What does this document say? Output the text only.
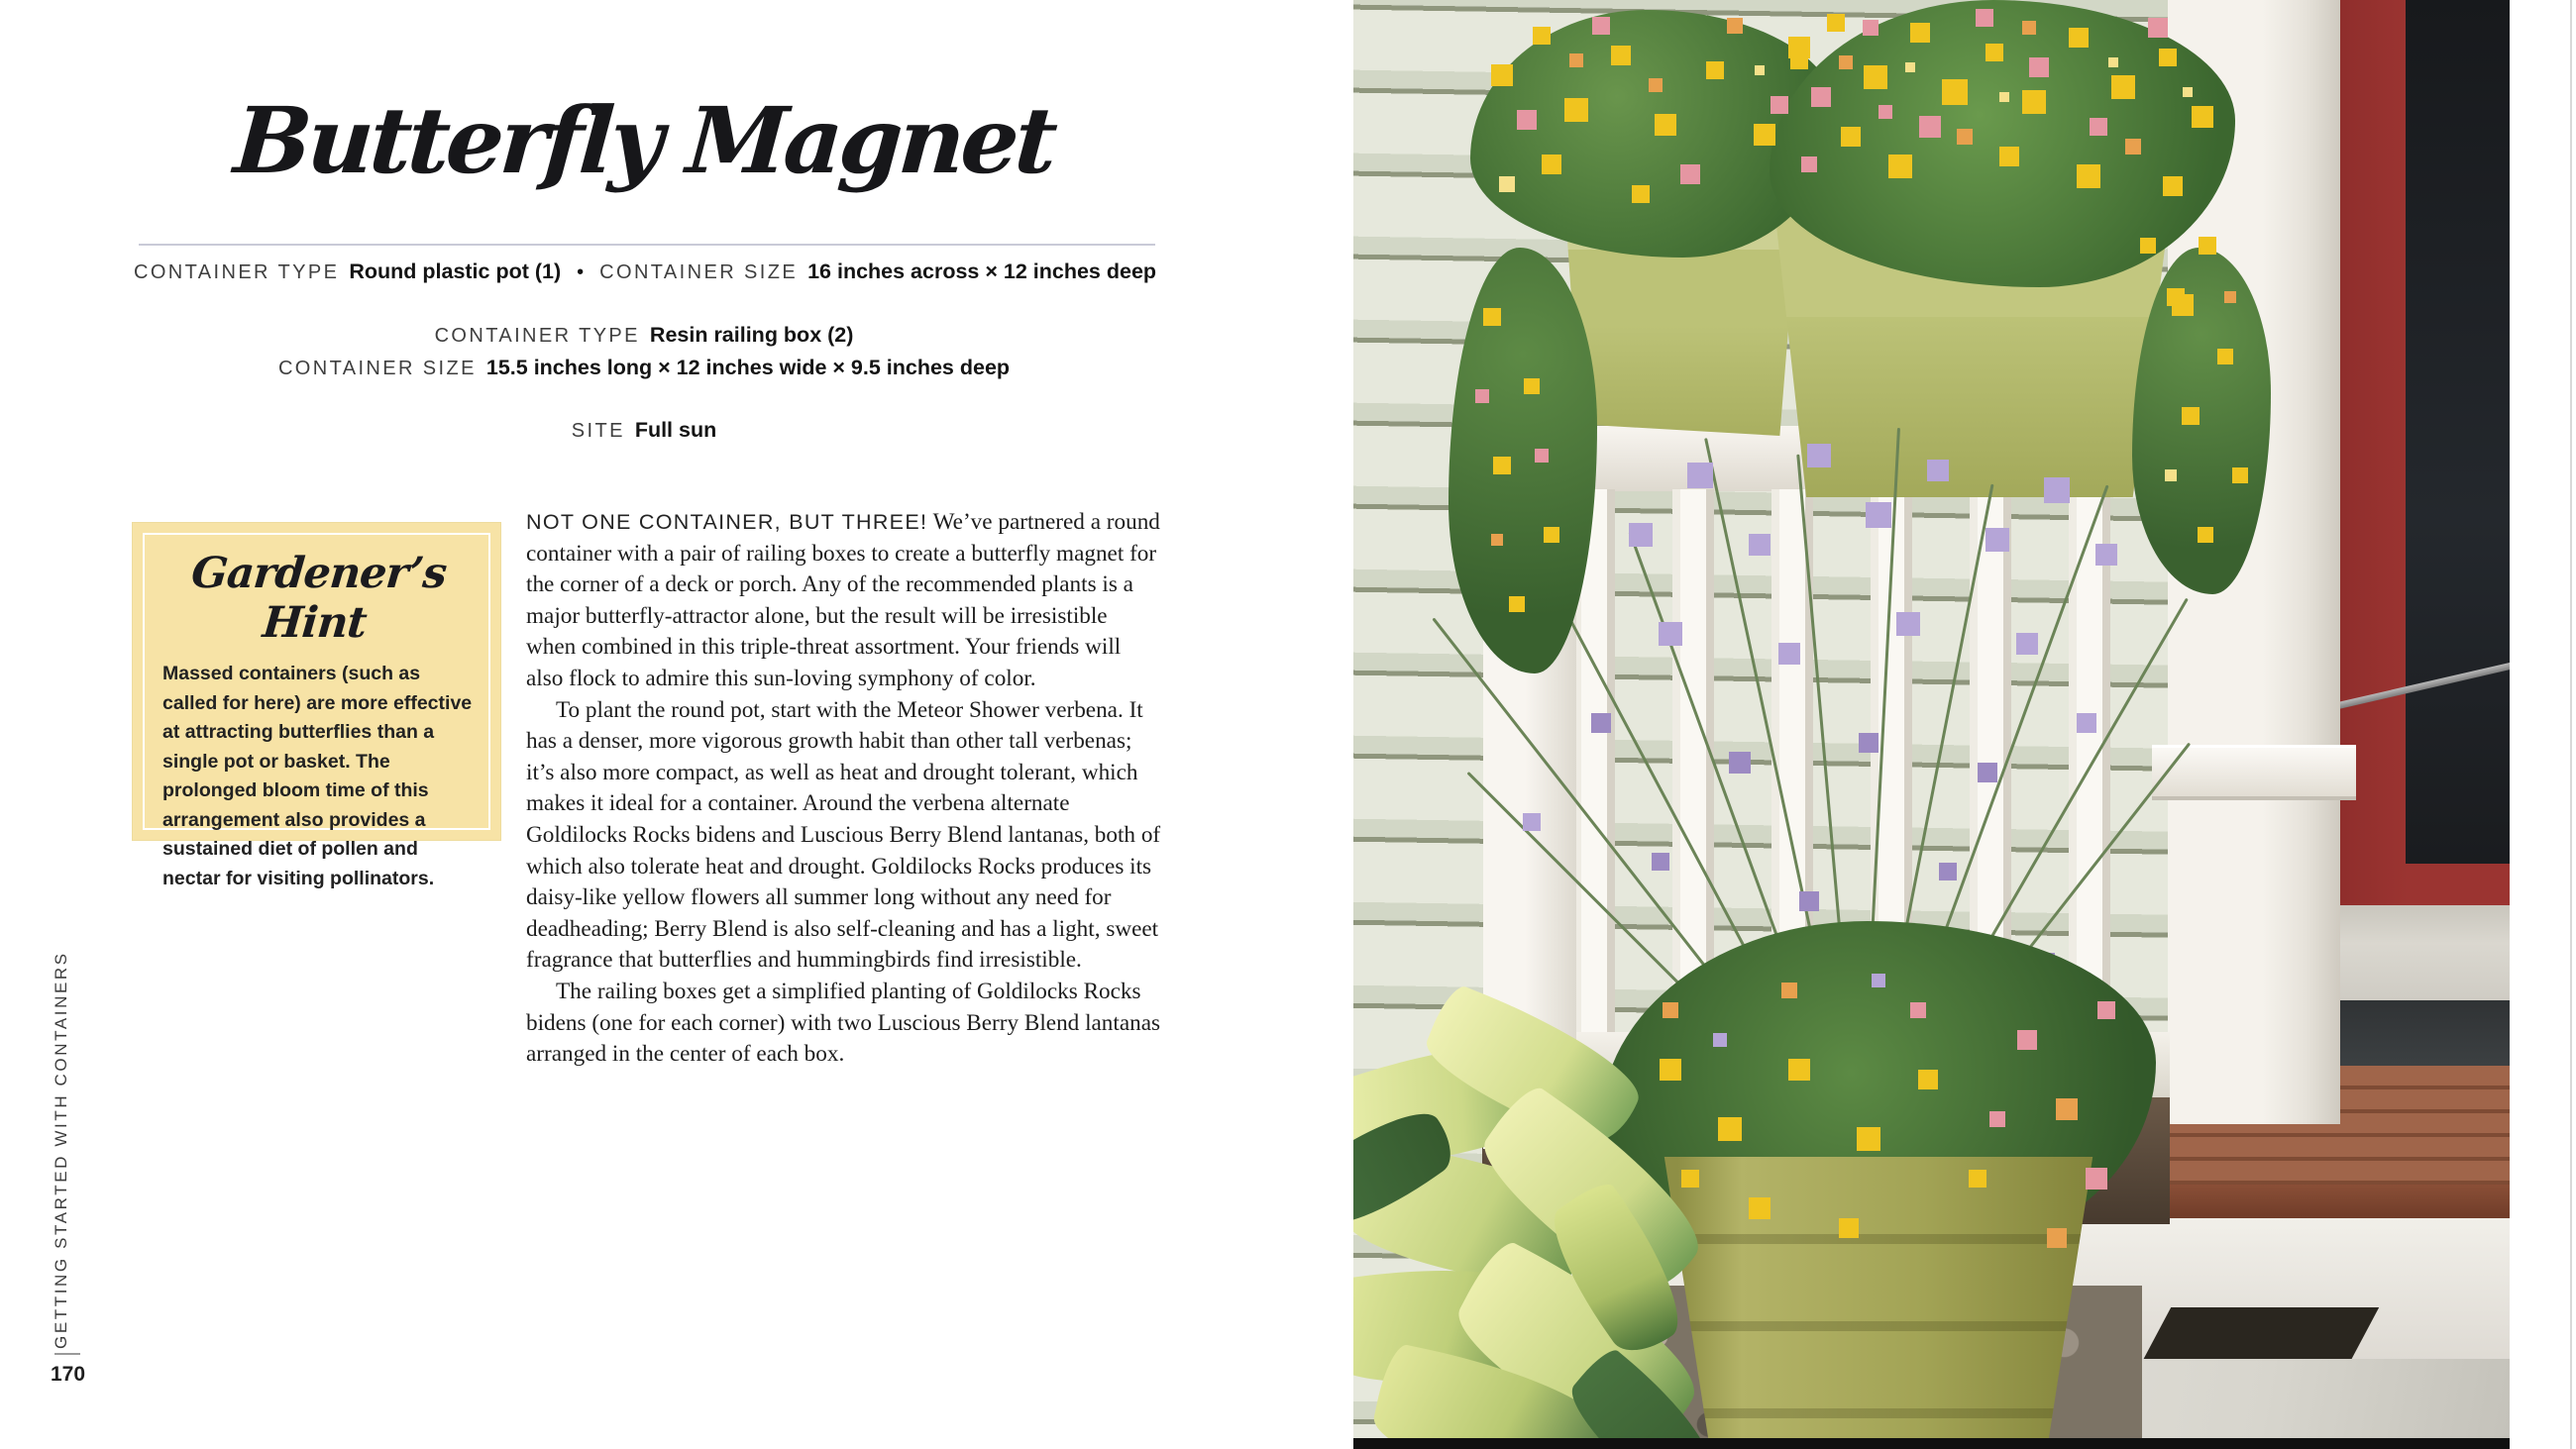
Butterfly Magnet
CONTAINER TYPE Round plastic pot (1) • CONTAINER SIZE 16 inches across × 12 inches deep
CONTAINER TYPE Resin railing box (2)
CONTAINER SIZE 15.5 inches long × 12 inches wide × 9.5 inches deep
SITE Full sun
Gardener’s Hint

Massed containers (such as called for here) are more effective at attracting butterflies than a single pot or basket. The prolonged bloom time of this arrangement also provides a sustained diet of pollen and nectar for visiting pollinators.

NOT ONE CONTAINER, BUT THREE! We’ve partnered a round container with a pair of railing boxes to create a butterfly magnet for the corner of a deck or porch. Any of the recommended plants is a major butterfly-attractor alone, but the result will be irresistible when combined in this triple-threat assortment. Your friends will also flock to admire this sun-loving symphony of color.

To plant the round pot, start with the Meteor Shower verbena. It has a denser, more vigorous growth habit than other tall verbenas; it’s also more compact, as well as heat and drought tolerant, which makes it ideal for a container. Around the verbena alternate Goldilocks Rocks bidens and Luscious Berry Blend lantanas, both of which also tolerate heat and drought. Goldilocks Rocks produces its daisy-like yellow flowers all summer long without any need for deadheading; Berry Blend is also self-cleaning and has a light, sweet fragrance that butterflies and hummingbirds find irresistible.

The railing boxes get a simplified planting of Goldilocks Rocks bidens (one for each corner) with two Luscious Berry Blend lantanas arranged in the center of each box.

GETTING STARTED WITH CONTAINERS
170
